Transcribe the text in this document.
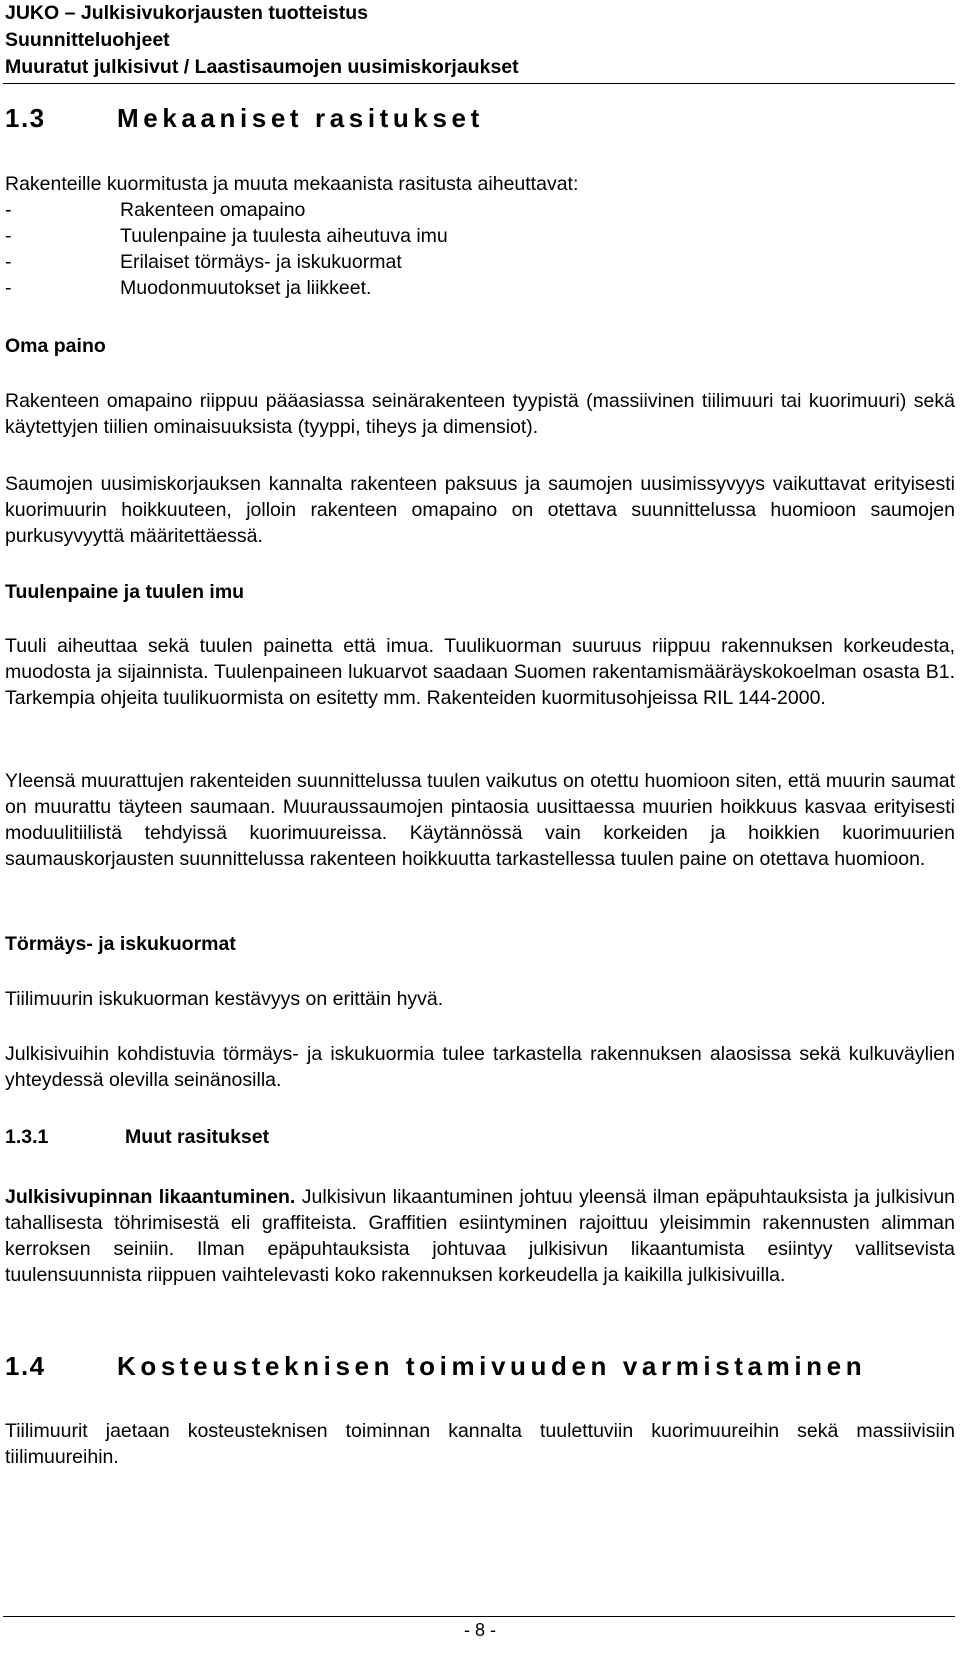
JUKO – Julkisivukorjausten tuotteistus
Suunnitteluohjeet
Muuratut julkisivut / Laastisaumojen uusimiskorjaukset
1.3	Mekaaniset rasitukset
Rakenteille kuormitusta ja muuta mekaanista rasitusta aiheuttavat:
-	Rakenteen omapaino
-	Tuulenpaine ja tuulesta aiheutuva imu
-	Erilaiset törmäys- ja iskukuormat
-	Muodonmuutokset ja liikkeet.
Oma paino

Rakenteen omapaino riippuu pääasiassa seinärakenteen tyypistä (massiivinen tiilimuuri tai kuorimuuri) sekä käytettyjen tiilien ominaisuuksista (tyyppi, tiheys ja dimensiot).

Saumojen uusimiskorjauksen kannalta rakenteen paksuus ja saumojen uusimissyvyys vaikuttavat erityisesti kuorimuurin hoikkuuteen, jolloin rakenteen omapaino on otettava suunnittelussa huomioon saumojen purkusyvyyttä määritettäessä.

Tuulenpaine ja tuulen imu

Tuuli aiheuttaa sekä tuulen painetta että imua. Tuulikuorman suuruus riippuu rakennuksen korkeudesta, muodosta ja sijainnista. Tuulenpaineen lukuarvot saadaan Suomen rakentamismääräyskokoelman osasta B1. Tarkempia ohjeita tuulikuormista on esitetty mm. Rakenteiden kuormitusohjeissa RIL 144-2000.

Yleensä muurattujen rakenteiden suunnittelussa tuulen vaikutus on otettu huomioon siten, että muurin saumat on muurattu täyteen saumaan. Muuraussaumojen pintaosia uusittaessa muurien hoikkuus kasvaa erityisesti moduulitiilistä tehdyissä kuorimuureissa. Käytännössä vain korkeiden ja hoikkien kuorimuurien saumauskorjausten suunnittelussa rakenteen hoikkuutta tarkastellessa tuulen paine on otettava huomioon.

Törmäys- ja iskukuormat
Tiilimuurin iskukuorman kestävyys on erittäin hyvä.

Julkisivuihin kohdistuvia törmäys- ja iskukuormia tulee tarkastella rakennuksen alaosissa sekä kulkuväylien yhteydessä olevilla seinänosilla.

1.3.1	Muut rasitukset

Julkisivupinnan likaantuminen. Julkisivun likaantuminen johtuu yleensä ilman epäpuhtauksista ja julkisivun tahallisesta töhrimisestä eli graffiteista. Graffitien esiintyminen rajoittuu yleisimmin rakennusten alimman kerroksen seiniin. Ilman epäpuhtauksista johtuvaa julkisivun likaantumista esiintyy vallitsevista tuulensuunnista riippuen vaihtelevasti koko rakennuksen korkeudella ja kaikilla julkisivuilla.

1.4	Kosteusteknisen toimivuuden varmistaminen

Tiilimuurit jaetaan kosteusteknisen toiminnan kannalta tuulettuviin kuorimuureihin sekä massiivisiin tiilimuureihin.

- 8 -
